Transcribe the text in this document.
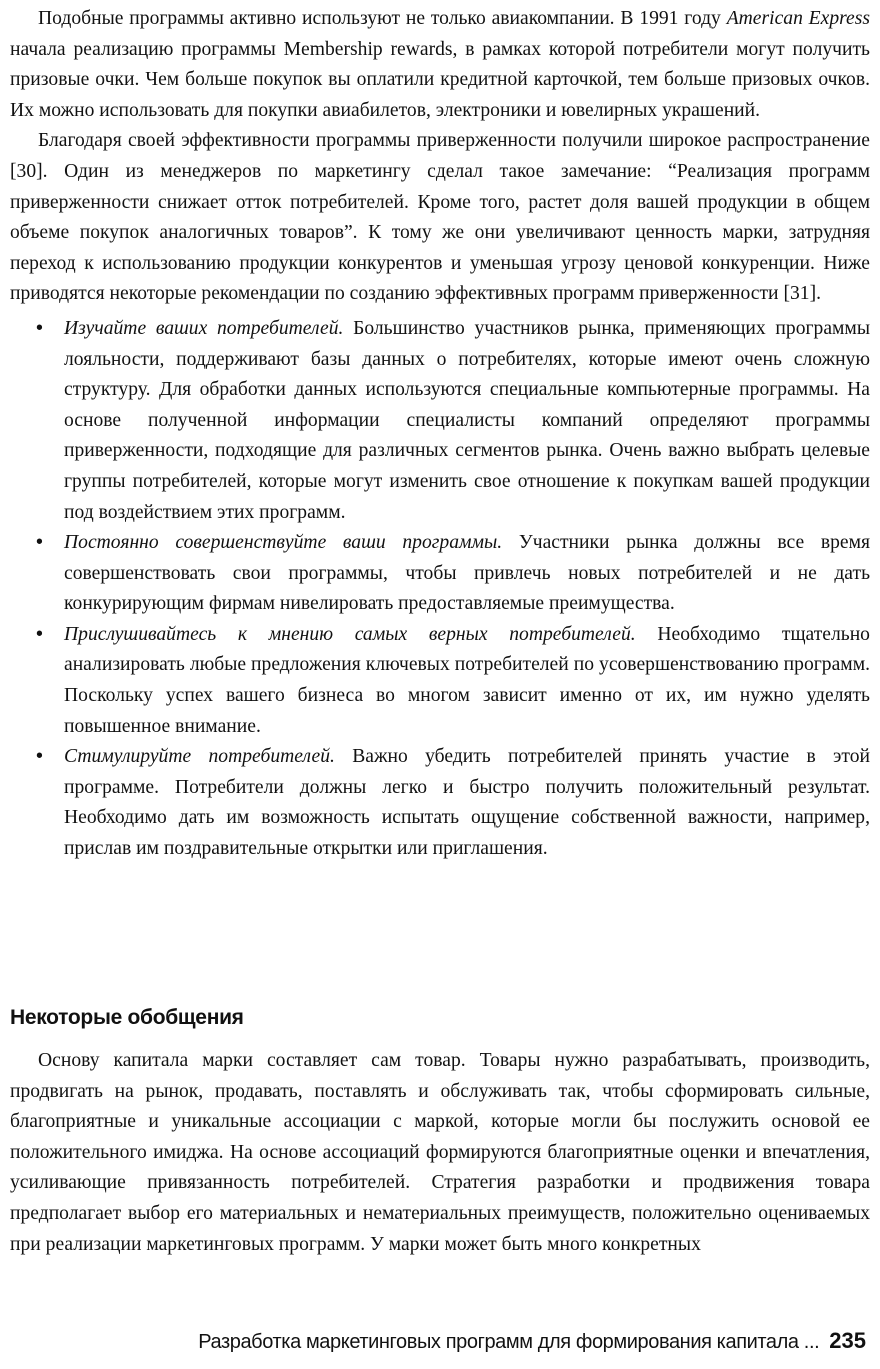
Подобные программы активно используют не только авиакомпании. В 1991 году American Express начала реализацию программы Membership rewards, в рамках которой потребители могут получить призовые очки. Чем больше покупок вы оплатили кредитной карточкой, тем больше призовых очков. Их можно использовать для покупки авиабилетов, электроники и ювелирных украшений.

Благодаря своей эффективности программы приверженности получили широкое распространение [30]. Один из менеджеров по маркетингу сделал такое замечание: “Реализация программ приверженности снижает отток потребителей. Кроме того, растет доля вашей продукции в общем объеме покупок аналогичных товаров”. К тому же они увеличивают ценность марки, затрудняя переход к использованию продукции конкурентов и уменьшая угрозу ценовой конкуренции. Ниже приводятся некоторые рекомендации по созданию эффективных программ приверженности [31].

• Изучайте ваших потребителей. Большинство участников рынка, применяющих программы лояльности, поддерживают базы данных о потребителях, которые имеют очень сложную структуру. Для обработки данных используются специальные компьютерные программы. На основе полученной информации специалисты компаний определяют программы приверженности, подходящие для различных сегментов рынка. Очень важно выбрать целевые группы потребителей, которые могут изменить свое отношение к покупкам вашей продукции под воздействием этих программ.
• Постоянно совершенствуйте ваши программы. Участники рынка должны все время совершенствовать свои программы, чтобы привлечь новых потребителей и не дать конкурирующим фирмам нивелировать предоставляемые преимущества.
• Прислушивайтесь к мнению самых верных потребителей. Необходимо тщательно анализировать любые предложения ключевых потребителей по усовершенствованию программ. Поскольку успех вашего бизнеса во многом зависит именно от их, им нужно уделять повышенное внимание.
• Стимулируйте потребителей. Важно убедить потребителей принять участие в этой программе. Потребители должны легко и быстро получить положительный результат. Необходимо дать им возможность испытать ощущение собственной важности, например, прислав им поздравительные открытки или приглашения.
Некоторые обобщения

Основу капитала марки составляет сам товар. Товары нужно разрабатывать, производить, продвигать на рынок, продавать, поставлять и обслуживать так, чтобы сформировать сильные, благоприятные и уникальные ассоциации с маркой, которые могли бы послужить основой ее положительного имиджа. На основе ассоциаций формируются благоприятные оценки и впечатления, усиливающие привязанность потребителей. Стратегия разработки и продвижения товара предполагает выбор его материальных и нематериальных преимуществ, положительно оцениваемых при реализации маркетинговых программ. У марки может быть много конкретных

Разработка маркетинговых программ для формирования капитала ... 235
